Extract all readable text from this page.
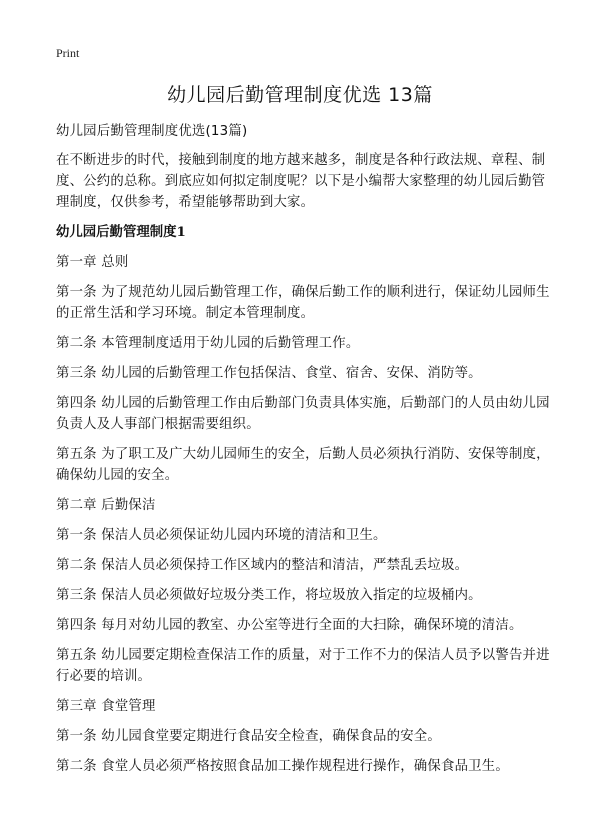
Print
幼儿园后勤管理制度优选 13篇

幼儿园后勤管理制度优选(13篇)

在不断进步的时代，接触到制度的地方越来越多，制度是各种行政法规、章程、制度、公约的总称。到底应如何拟定制度呢？以下是小编帮大家整理的幼儿园后勤管理制度，仅供参考，希望能够帮助到大家。

幼儿园后勤管理制度1

第一章 总则

第一条 为了规范幼儿园后勤管理工作，确保后勤工作的顺利进行，保证幼儿园师生的正常生活和学习环境。制定本管理制度。

第二条 本管理制度适用于幼儿园的后勤管理工作。

第三条 幼儿园的后勤管理工作包括保洁、食堂、宿舍、安保、消防等。

第四条 幼儿园的后勤管理工作由后勤部门负责具体实施，后勤部门的人员由幼儿园负责人及人事部门根据需要组织。

第五条 为了职工及广大幼儿园师生的安全，后勤人员必须执行消防、安保等制度，确保幼儿园的安全。

第二章 后勤保洁

第一条 保洁人员必须保证幼儿园内环境的清洁和卫生。

第二条 保洁人员必须保持工作区域内的整洁和清洁，严禁乱丢垃圾。

第三条 保洁人员必须做好垃圾分类工作，将垃圾放入指定的垃圾桶内。

第四条 每月对幼儿园的教室、办公室等进行全面的大扫除，确保环境的清洁。

第五条 幼儿园要定期检查保洁工作的质量，对于工作不力的保洁人员予以警告并进行必要的培训。

第三章 食堂管理

第一条 幼儿园食堂要定期进行食品安全检查，确保食品的安全。

第二条 食堂人员必须严格按照食品加工操作规程进行操作，确保食品卫生。
